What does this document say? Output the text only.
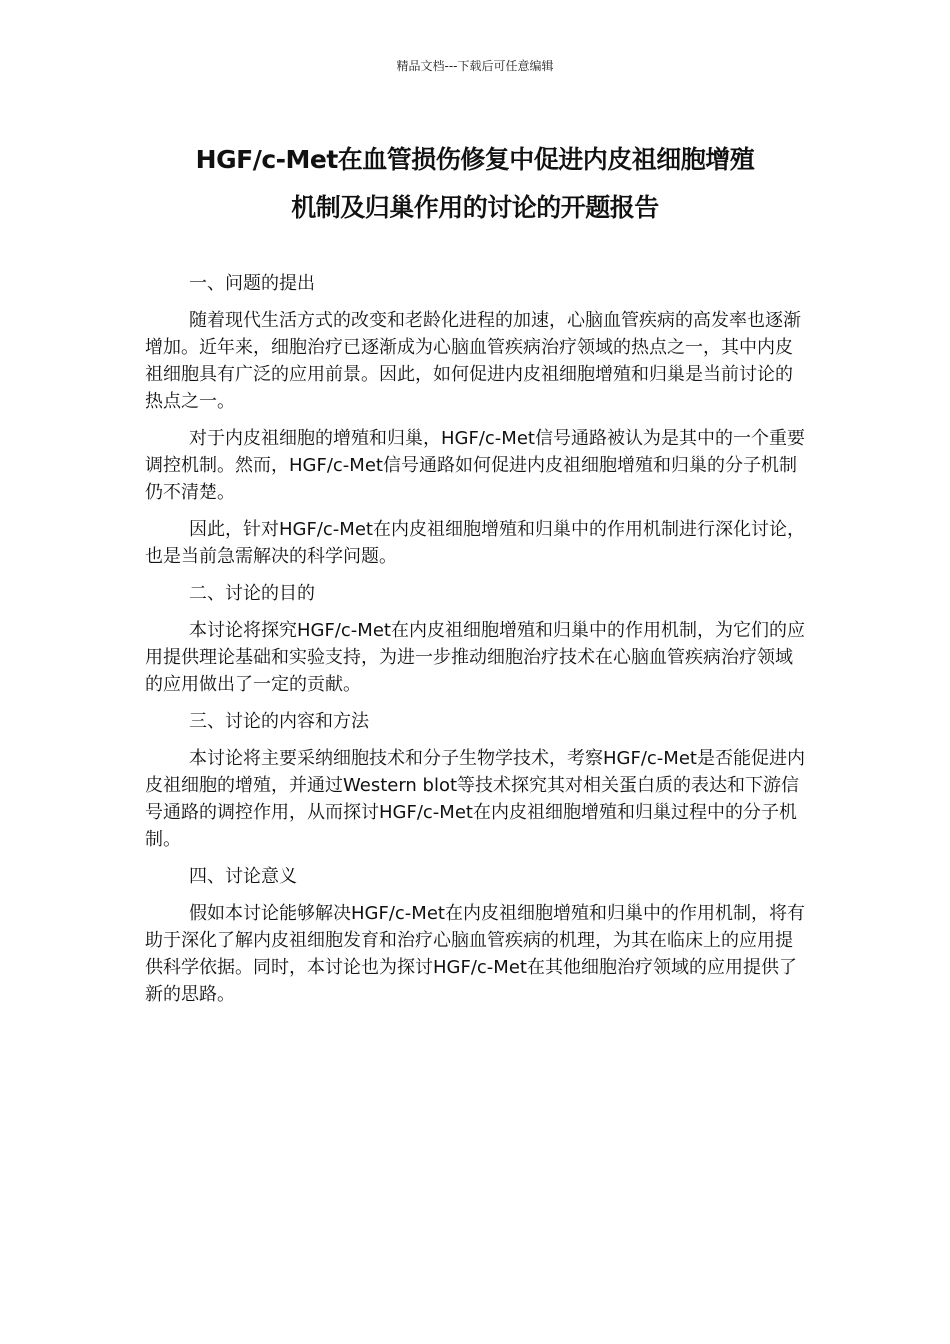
精品文档---下载后可任意编辑
HGF/c-Met在血管损伤修复中促进内皮祖细胞增殖
机制及归巢作用的讨论的开题报告

一、问题的提出

随着现代生活方式的改变和老龄化进程的加速，心脑血管疾病的高发率也逐渐增加。近年来，细胞治疗已逐渐成为心脑血管疾病治疗领域的热点之一，其中内皮祖细胞具有广泛的应用前景。因此，如何促进内皮祖细胞增殖和归巢是当前讨论的热点之一。

对于内皮祖细胞的增殖和归巢，HGF/c-Met信号通路被认为是其中的一个重要调控机制。然而，HGF/c-Met信号通路如何促进内皮祖细胞增殖和归巢的分子机制仍不清楚。

因此，针对HGF/c-Met在内皮祖细胞增殖和归巢中的作用机制进行深化讨论，也是当前急需解决的科学问题。

二、讨论的目的

本讨论将探究HGF/c-Met在内皮祖细胞增殖和归巢中的作用机制，为它们的应用提供理论基础和实验支持，为进一步推动细胞治疗技术在心脑血管疾病治疗领域的应用做出了一定的贡献。

三、讨论的内容和方法

本讨论将主要采纳细胞技术和分子生物学技术，考察HGF/c-Met是否能促进内皮祖细胞的增殖，并通过Western blot等技术探究其对相关蛋白质的表达和下游信号通路的调控作用，从而探讨HGF/c-Met在内皮祖细胞增殖和归巢过程中的分子机制。

四、讨论意义

假如本讨论能够解决HGF/c-Met在内皮祖细胞增殖和归巢中的作用机制，将有助于深化了解内皮祖细胞发育和治疗心脑血管疾病的机理，为其在临床上的应用提供科学依据。同时，本讨论也为探讨HGF/c-Met在其他细胞治疗领域的应用提供了新的思路。
